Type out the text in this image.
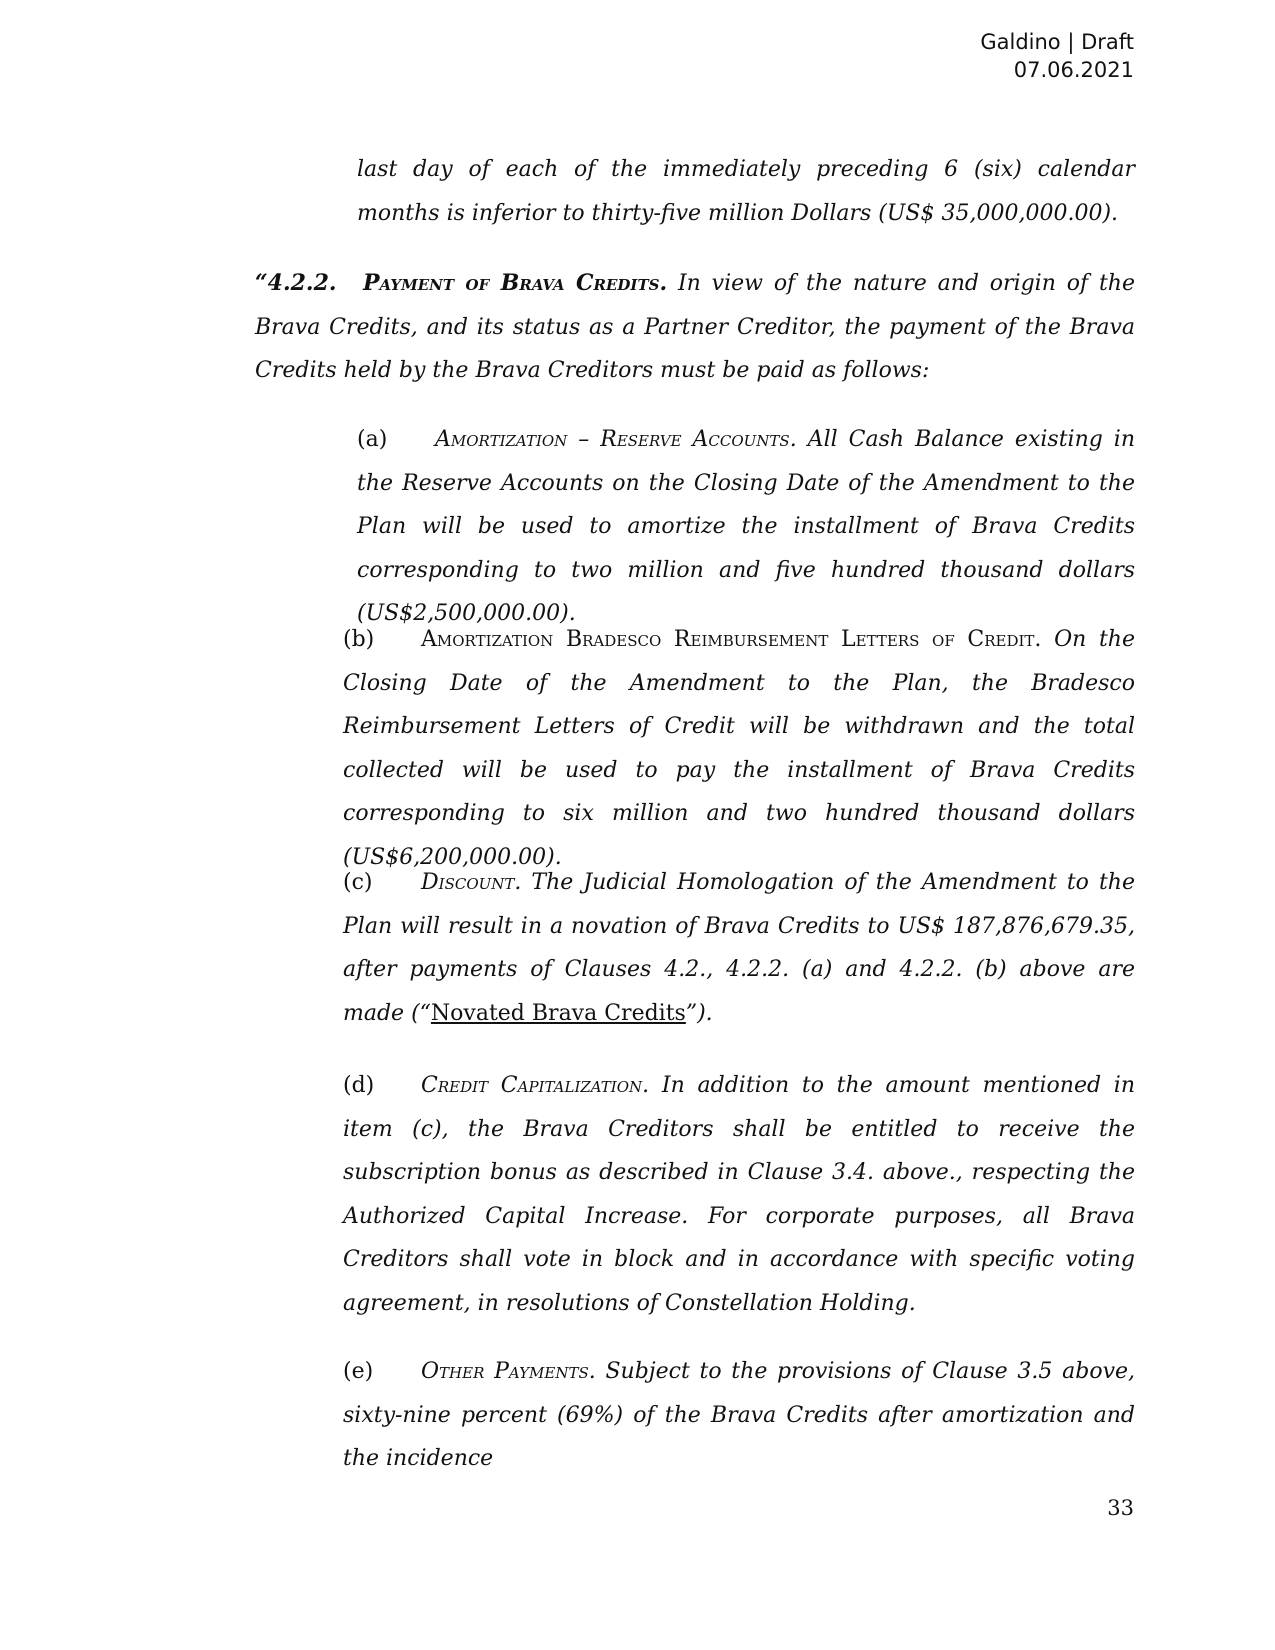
Galdino | Draft
07.06.2021
last day of each of the immediately preceding 6 (six) calendar months is inferior to thirty-five million Dollars (US$ 35,000,000.00).
“4.2.2. Payment of Brava Credits. In view of the nature and origin of the Brava Credits, and its status as a Partner Creditor, the payment of the Brava Credits held by the Brava Creditors must be paid as follows:
(a) Amortization – Reserve Accounts. All Cash Balance existing in the Reserve Accounts on the Closing Date of the Amendment to the Plan will be used to amortize the installment of Brava Credits corresponding to two million and five hundred thousand dollars (US$2,500,000.00).
(b) Amortization Bradesco Reimbursement Letters of Credit. On the Closing Date of the Amendment to the Plan, the Bradesco Reimbursement Letters of Credit will be withdrawn and the total collected will be used to pay the installment of Brava Credits corresponding to six million and two hundred thousand dollars (US$6,200,000.00).
(c) Discount. The Judicial Homologation of the Amendment to the Plan will result in a novation of Brava Credits to US$ 187,876,679.35, after payments of Clauses 4.2., 4.2.2. (a) and 4.2.2. (b) above are made (“Novated Brava Credits”).
(d) Credit Capitalization. In addition to the amount mentioned in item (c), the Brava Creditors shall be entitled to receive the subscription bonus as described in Clause 3.4. above., respecting the Authorized Capital Increase. For corporate purposes, all Brava Creditors shall vote in block and in accordance with specific voting agreement, in resolutions of Constellation Holding.
(e) Other Payments. Subject to the provisions of Clause 3.5 above, sixty-nine percent (69%) of the Brava Credits after amortization and the incidence
33
